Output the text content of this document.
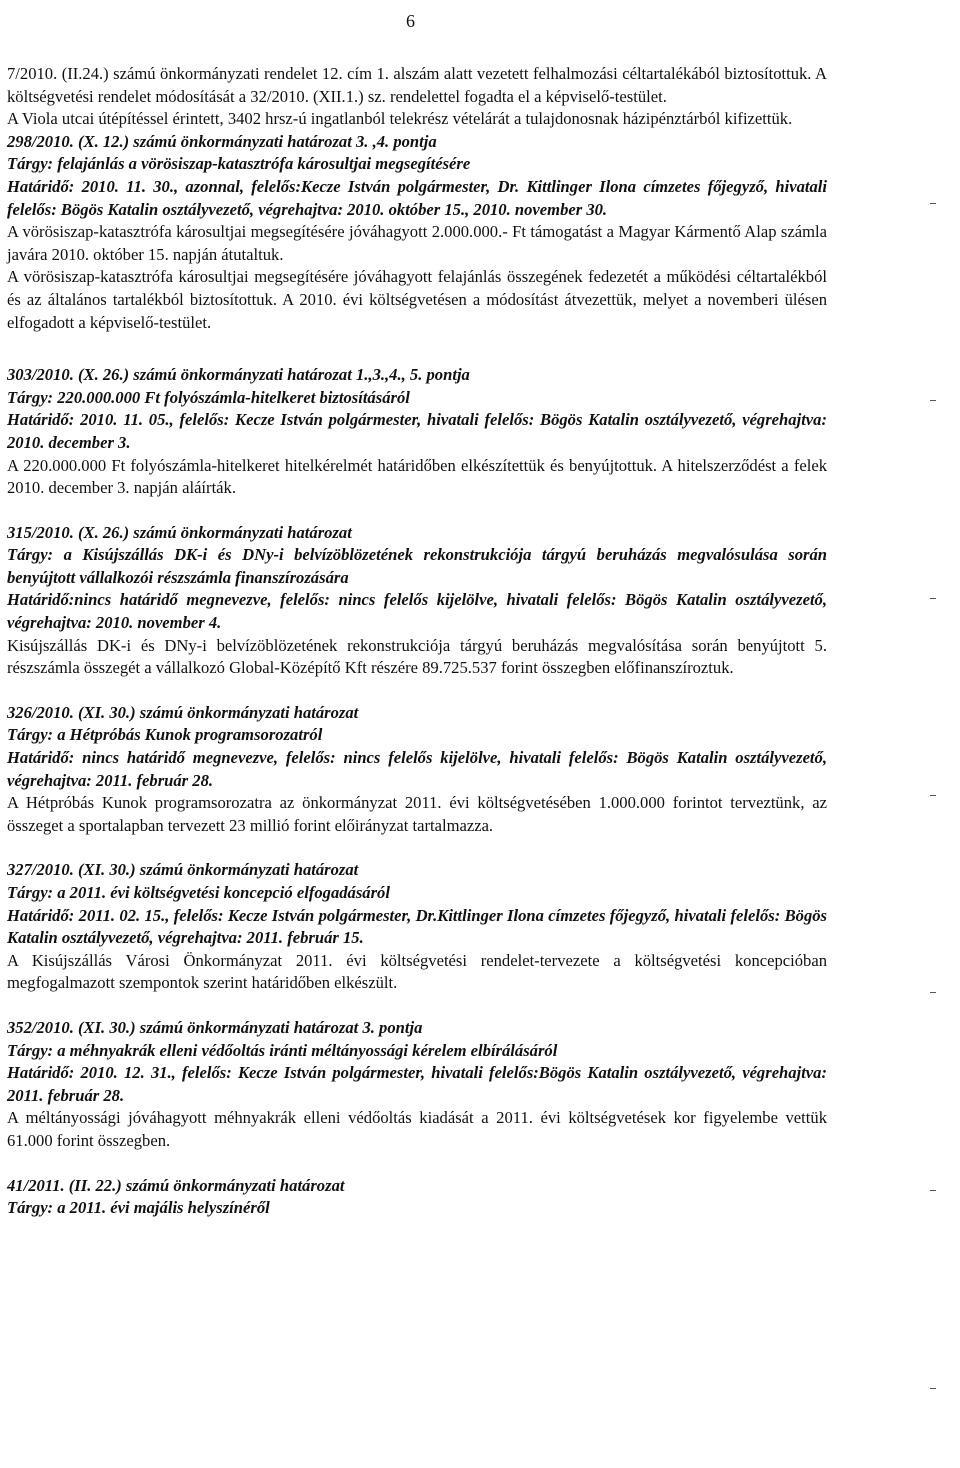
6

7/2010. (II.24.) számú önkormányzati rendelet 12. cím 1. alszám alatt vezetett felhalmozási céltartalékából biztosítottuk. A költségvetési rendelet módosítását a 32/2010. (XII.1.) sz. rendelettel fogadta el a képviselő-testület.

A Viola utcai útépítéssel érintett, 3402 hrsz-ú ingatlanból telekrész vételárát a tulajdonosnak házipénztárból kifizettük.

298/2010. (X. 12.) számú önkormányzati határozat 3. ,4. pontja

Tárgy: felajánlás a vörösiszap-katasztrófa károsultjai megsegítésére

Határidő: 2010. 11. 30., azonnal, felelős:Kecze István polgármester, Dr. Kittlinger Ilona címzetes főjegyző, hivatali felelős: Bögös Katalin osztályvezető, végrehajtva: 2010. október 15., 2010. november 30.

A vörösiszap-katasztrófa károsultjai megsegítésére jóváhagyott 2.000.000.- Ft támogatást a Magyar Kármentő Alap számla javára 2010. október 15. napján átutaltuk.

A vörösiszap-katasztrófa károsultjai megsegítésére jóváhagyott felajánlás összegének fedezetét a működési céltartalékból és az általános tartalékból biztosítottuk. A 2010. évi költségvetésen a módosítást átvezettük, melyet a novemberi ülésen elfogadott a képviselő-testület.

303/2010. (X. 26.) számú önkormányzati határozat 1.,3.,4., 5. pontja

Tárgy: 220.000.000 Ft folyószámla-hitelkeret biztosításáról

Határidő: 2010. 11. 05., felelős: Kecze István polgármester, hivatali felelős: Bögös Katalin osztályvezető, végrehajtva: 2010. december 3.

A 220.000.000 Ft folyószámla-hitelkeret hitelkérelmét határidőben elkészítettük és benyújtottuk. A hitelszerződést a felek 2010. december 3. napján aláírták.

315/2010. (X. 26.) számú önkormányzati határozat

Tárgy: a Kisújszállás DK-i és DNy-i belvízöblözetének rekonstrukciója tárgyú beruházás megvalósulása során benyújtott vállalkozói részszámla finanszírozására

Határidő:nincs határidő megnevezve, felelős: nincs felelős kijelölve, hivatali felelős: Bögös Katalin osztályvezető, végrehajtva: 2010. november 4.

Kisújszállás DK-i és DNy-i belvízöblözetének rekonstrukciója tárgyú beruházás megvalósítása során benyújtott 5. részszámla összegét a vállalkozó Global-Középítő Kft részére 89.725.537 forint összegben előfinanszíroztuk.

326/2010. (XI. 30.) számú önkormányzati határozat

Tárgy: a Hétpróbás Kunok programsorozatról

Határidő: nincs határidő megnevezve, felelős: nincs felelős kijelölve, hivatali felelős: Bögös Katalin osztályvezető, végrehajtva: 2011. február 28.

A Hétpróbás Kunok programsorozatra az önkormányzat 2011. évi költségvetésében 1.000.000 forintot terveztünk, az összeget a sportalapban tervezett 23 millió forint előirányzat tartalmazza.

327/2010. (XI. 30.) számú önkormányzati határozat

Tárgy: a 2011. évi költségvetési koncepció elfogadásáról

Határidő: 2011. 02. 15., felelős: Kecze István polgármester, Dr.Kittlinger Ilona címzetes főjegyző, hivatali felelős: Bögös Katalin osztályvezető, végrehajtva: 2011. február 15.

A Kisújszállás Városi Önkormányzat 2011. évi költségvetési rendelet-tervezete a költségvetési koncepcióban megfogalmazott szempontok szerint határidőben elkészült.

352/2010. (XI. 30.) számú önkormányzati határozat 3. pontja

Tárgy: a méhnyakrák elleni védőoltás iránti méltányossági kérelem elbírálásáról

Határidő: 2010. 12. 31., felelős: Kecze István polgármester, hivatali felelős:Bögös Katalin osztályvezető, végrehajtva: 2011. február 28.

A méltányossági jóváhagyott méhnyakrák elleni védőoltás kiadását a 2011. évi költségvetések kor figyelembe vettük 61.000 forint összegben.

41/2011. (II. 22.) számú önkormányzati határozat

Tárgy: a 2011. évi majális helyszínéről
